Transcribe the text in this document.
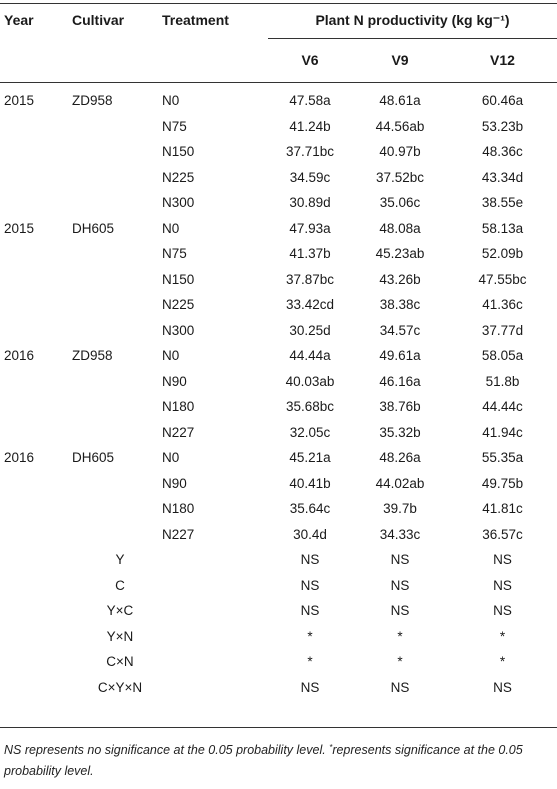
Year	Cultivar	Treatment	Plant N productivity (kg kg⁻¹)
V6	V9	V12
2015	ZD958	N0	47.58a	48.61a	60.46a
N75	41.24b	44.56ab	53.23b
N150	37.71bc	40.97b	48.36c
N225	34.59c	37.52bc	43.34d
N300	30.89d	35.06c	38.55e
2015	DH605	N0	47.93a	48.08a	58.13a
N75	41.37b	45.23ab	52.09b
N150	37.87bc	43.26b	47.55bc
N225	33.42cd	38.38c	41.36c
N300	30.25d	34.57c	37.77d
2016	ZD958	N0	44.44a	49.61a	58.05a
N90	40.03ab	46.16a	51.8b
N180	35.68bc	38.76b	44.44c
N227	32.05c	35.32b	41.94c
2016	DH605	N0	45.21a	48.26a	55.35a
N90	40.41b	44.02ab	49.75b
N180	35.64c	39.7b	41.81c
N227	30.4d	34.33c	36.57c
Y	NS	NS	NS
C	NS	NS	NS
Y×C	NS	NS	NS
Y×N	*	*	*
C×N	*	*	*
C×Y×N	NS	NS	NS
NS represents no significance at the 0.05 probability level. *represents significance at the 0.05 probability level.
